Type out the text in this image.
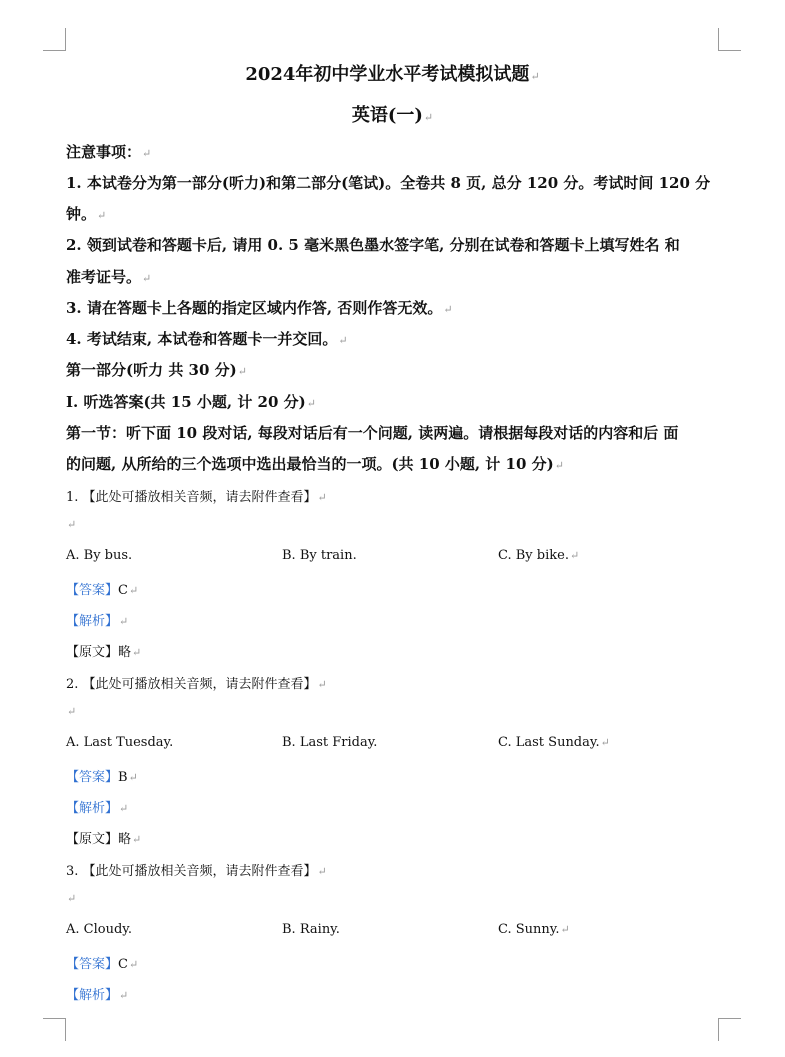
2024年初中学业水平考试模拟试题↵
英语(一)↵
注意事项：↵
1. 本试卷分为第一部分(听力)和第二部分(笔试)。全卷共 8 页, 总分 120 分。考试时间 120 分
钟。↵
2. 领到试卷和答题卡后, 请用 0. 5 毫米黑色墨水签字笔, 分别在试卷和答题卡上填写姓名 和
准考证号。↵
3. 请在答题卡上各题的指定区域内作答, 否则作答无效。↵
4. 考试结束, 本试卷和答题卡一并交回。↵
第一部分(听力 共 30 分)↵
I. 听选答案(共 15 小题, 计 20 分)↵
第一节：听下面 10 段对话, 每段对话后有一个问题, 读两遍。请根据每段对话的内容和后 面
的问题, 从所给的三个选项中选出最恰当的一项。(共 10 小题, 计 10 分)↵
1. 【此处可播放相关音频，请去附件查看】↵
↵
A. By bus.	B. By train.	C. By bike.↵
【答案】C↵
【解析】↵
【原文】略↵
2. 【此处可播放相关音频，请去附件查看】↵
↵
A. Last Tuesday.	B. Last Friday.	C. Last Sunday.↵
【答案】B↵
【解析】↵
【原文】略↵
3. 【此处可播放相关音频，请去附件查看】↵
↵
A. Cloudy.	B. Rainy.	C. Sunny.↵
【答案】C↵
【解析】↵
